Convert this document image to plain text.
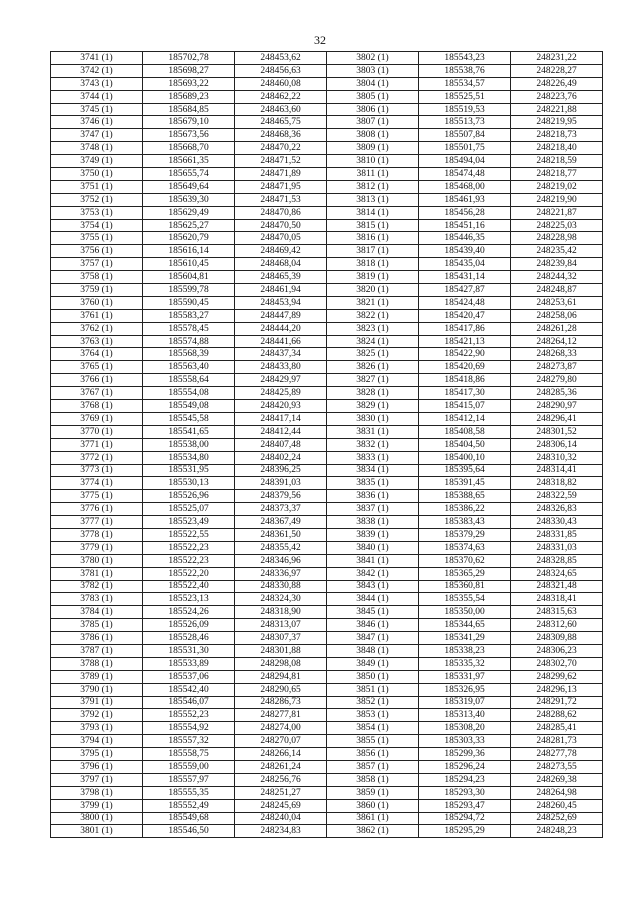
32
3741 (1)	185702,78	248453,62	3802 (1)	185543,23	248231,22
3742 (1)	185698,27	248456,63	3803 (1)	185538,76	248228,27
3743 (1)	185693,22	248460,08	3804 (1)	185534,57	248226,49
3744 (1)	185689,23	248462,22	3805 (1)	185525,51	248223,76
3745 (1)	185684,85	248463,60	3806 (1)	185519,53	248221,88
3746 (1)	185679,10	248465,75	3807 (1)	185513,73	248219,95
3747 (1)	185673,56	248468,36	3808 (1)	185507,84	248218,73
3748 (1)	185668,70	248470,22	3809 (1)	185501,75	248218,40
3749 (1)	185661,35	248471,52	3810 (1)	185494,04	248218,59
3750 (1)	185655,74	248471,89	3811 (1)	185474,48	248218,77
3751 (1)	185649,64	248471,95	3812 (1)	185468,00	248219,02
3752 (1)	185639,30	248471,53	3813 (1)	185461,93	248219,90
3753 (1)	185629,49	248470,86	3814 (1)	185456,28	248221,87
3754 (1)	185625,27	248470,50	3815 (1)	185451,16	248225,03
3755 (1)	185620,79	248470,05	3816 (1)	185446,35	248228,98
3756 (1)	185616,14	248469,42	3817 (1)	185439,40	248235,42
3757 (1)	185610,45	248468,04	3818 (1)	185435,04	248239,84
3758 (1)	185604,81	248465,39	3819 (1)	185431,14	248244,32
3759 (1)	185599,78	248461,94	3820 (1)	185427,87	248248,87
3760 (1)	185590,45	248453,94	3821 (1)	185424,48	248253,61
3761 (1)	185583,27	248447,89	3822 (1)	185420,47	248258,06
3762 (1)	185578,45	248444,20	3823 (1)	185417,86	248261,28
3763 (1)	185574,88	248441,66	3824 (1)	185421,13	248264,12
3764 (1)	185568,39	248437,34	3825 (1)	185422,90	248268,33
3765 (1)	185563,40	248433,80	3826 (1)	185420,69	248273,87
3766 (1)	185558,64	248429,97	3827 (1)	185418,86	248279,80
3767 (1)	185554,08	248425,89	3828 (1)	185417,30	248285,36
3768 (1)	185549,08	248420,93	3829 (1)	185415,07	248290,97
3769 (1)	185545,58	248417,14	3830 (1)	185412,14	248296,41
3770 (1)	185541,65	248412,44	3831 (1)	185408,58	248301,52
3771 (1)	185538,00	248407,48	3832 (1)	185404,50	248306,14
3772 (1)	185534,80	248402,24	3833 (1)	185400,10	248310,32
3773 (1)	185531,95	248396,25	3834 (1)	185395,64	248314,41
3774 (1)	185530,13	248391,03	3835 (1)	185391,45	248318,82
3775 (1)	185526,96	248379,56	3836 (1)	185388,65	248322,59
3776 (1)	185525,07	248373,37	3837 (1)	185386,22	248326,83
3777 (1)	185523,49	248367,49	3838 (1)	185383,43	248330,43
3778 (1)	185522,55	248361,50	3839 (1)	185379,29	248331,85
3779 (1)	185522,23	248355,42	3840 (1)	185374,63	248331,03
3780 (1)	185522,23	248346,96	3841 (1)	185370,62	248328,85
3781 (1)	185522,20	248336,97	3842 (1)	185365,29	248324,65
3782 (1)	185522,40	248330,88	3843 (1)	185360,81	248321,48
3783 (1)	185523,13	248324,30	3844 (1)	185355,54	248318,41
3784 (1)	185524,26	248318,90	3845 (1)	185350,00	248315,63
3785 (1)	185526,09	248313,07	3846 (1)	185344,65	248312,60
3786 (1)	185528,46	248307,37	3847 (1)	185341,29	248309,88
3787 (1)	185531,30	248301,88	3848 (1)	185338,23	248306,23
3788 (1)	185533,89	248298,08	3849 (1)	185335,32	248302,70
3789 (1)	185537,06	248294,81	3850 (1)	185331,97	248299,62
3790 (1)	185542,40	248290,65	3851 (1)	185326,95	248296,13
3791 (1)	185546,07	248286,73	3852 (1)	185319,07	248291,72
3792 (1)	185552,23	248277,81	3853 (1)	185313,40	248288,62
3793 (1)	185554,92	248274,00	3854 (1)	185308,20	248285,41
3794 (1)	185557,32	248270,07	3855 (1)	185303,33	248281,73
3795 (1)	185558,75	248266,14	3856 (1)	185299,36	248277,78
3796 (1)	185559,00	248261,24	3857 (1)	185296,24	248273,55
3797 (1)	185557,97	248256,76	3858 (1)	185294,23	248269,38
3798 (1)	185555,35	248251,27	3859 (1)	185293,30	248264,98
3799 (1)	185552,49	248245,69	3860 (1)	185293,47	248260,45
3800 (1)	185549,68	248240,04	3861 (1)	185294,72	248252,69
3801 (1)	185546,50	248234,83	3862 (1)	185295,29	248248,23
